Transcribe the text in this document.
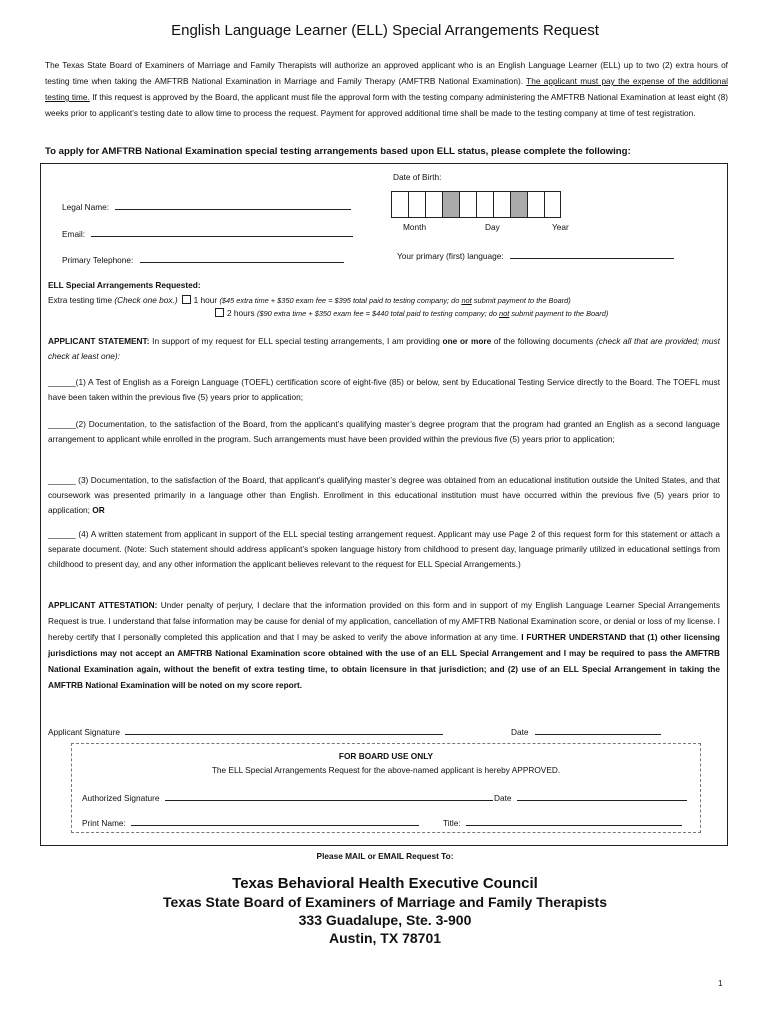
English Language Learner (ELL) Special Arrangements Request
The Texas State Board of Examiners of Marriage and Family Therapists will authorize an approved applicant who is an English Language Learner (ELL) up to two (2) extra hours of testing time when taking the AMFTRB National Examination in Marriage and Family Therapy (AMFTRB National Examination). The applicant must pay the expense of the additional testing time. If this request is approved by the Board, the applicant must file the approval form with the testing company administering the AMFTRB National Examination at least eight (8) weeks prior to applicant’s testing date to allow time to process the request. Payment for approved additional time shall be made to the testing company at time of test registration.
To apply for AMFTRB National Examination special testing arrangements based upon ELL status, please complete the following:
Date of Birth:
Legal Name:
Email:
Month	Day	Year
Primary Telephone:	Your primary (first) language:
ELL Special Arrangements Requested:
Extra testing time (Check one box.) 1 hour ($45 extra time + $350 exam fee = $395 total paid to testing company; do not submit payment to the Board)
2 hours ($90 extra time + $350 exam fee = $440 total paid to testing company; do not submit payment to the Board)
APPLICANT STATEMENT: In support of my request for ELL special testing arrangements, I am providing one or more of the following documents (check all that are provided; must check at least one):
______(1) A Test of English as a Foreign Language (TOEFL) certification score of eight-five (85) or below, sent by Educational Testing Service directly to the Board. The TOEFL must have been taken within the previous five (5) years prior to application;
______(2) Documentation, to the satisfaction of the Board, from the applicant’s qualifying master’s degree program that the program had granted an English as a second language arrangement to applicant while enrolled in the program. Such arrangements must have been provided within the previous five (5) years prior to application;
______ (3) Documentation, to the satisfaction of the Board, that applicant’s qualifying master’s degree was obtained from an educational institution outside the United States, and that coursework was presented primarily in a language other than English. Enrollment in this educational institution must have occurred within the previous five (5) years prior to application; OR
______ (4) A written statement from applicant in support of the ELL special testing arrangement request. Applicant may use Page 2 of this request form for this statement or attach a separate document. (Note: Such statement should address applicant’s spoken language history from childhood to present day, language primarily utilized in educational settings from childhood to present day, and any other information the applicant believes relevant to the request for ELL Special Arrangements.)
APPLICANT ATTESTATION: Under penalty of perjury, I declare that the information provided on this form and in support of my English Language Learner Special Arrangements Request is true. I understand that false information may be cause for denial of my application, cancellation of my AMFTRB National Examination score, or denial or loss of my license. I hereby certify that I personally completed this application and that I may be asked to verify the above information at any time. I FURTHER UNDERSTAND that (1) other licensing jurisdictions may not accept an AMFTRB National Examination score obtained with the use of an ELL Special Arrangement and I may be required to pass the AMFTRB National Examination again, without the benefit of extra testing time, to obtain licensure in that jurisdiction; and (2) use of an ELL Special Arrangement in taking the AMFTRB National Examination will be noted on my score report.
Applicant Signature	Date
FOR BOARD USE ONLY
The ELL Special Arrangements Request for the above-named applicant is hereby APPROVED.
Authorized Signature	Date
Print Name:	Title:
Please MAIL or EMAIL Request To:
Texas Behavioral Health Executive Council
Texas State Board of Examiners of Marriage and Family Therapists
333 Guadalupe, Ste. 3-900
Austin, TX 78701
1
